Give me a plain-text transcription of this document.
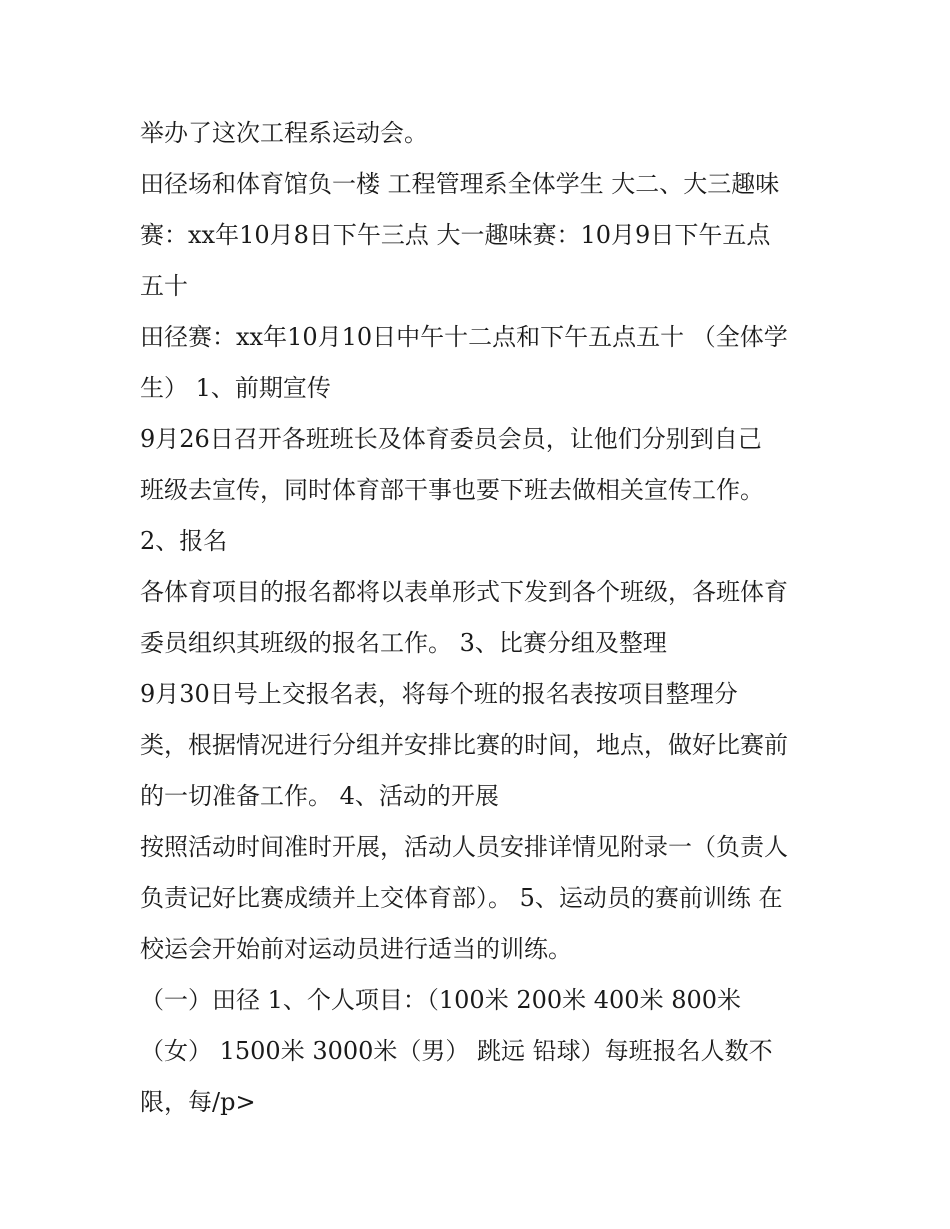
举办了这次工程系运动会。
田径场和体育馆负一楼 工程管理系全体学生 大二、大三趣味
赛：xx年10月8日下午三点 大一趣味赛：10月9日下午五点
五十
田径赛：xx年10月10日中午十二点和下午五点五十 （全体学
生） 1、前期宣传
9月26日召开各班班长及体育委员会员，让他们分别到自己
班级去宣传，同时体育部干事也要下班去做相关宣传工作。
2、报名
各体育项目的报名都将以表单形式下发到各个班级，各班体育
委员组织其班级的报名工作。 3、比赛分组及整理
9月30日号上交报名表，将每个班的报名表按项目整理分
类，根据情况进行分组并安排比赛的时间，地点，做好比赛前
的一切准备工作。 4、活动的开展
按照活动时间准时开展，活动人员安排详情见附录一（负责人
负责记好比赛成绩并上交体育部）。 5、运动员的赛前训练 在
校运会开始前对运动员进行适当的训练。
（一）田径 1、个人项目：（100米 200米 400米 800米
（女） 1500米 3000米（男） 跳远 铅球）每班报名人数不
限，每/p>
